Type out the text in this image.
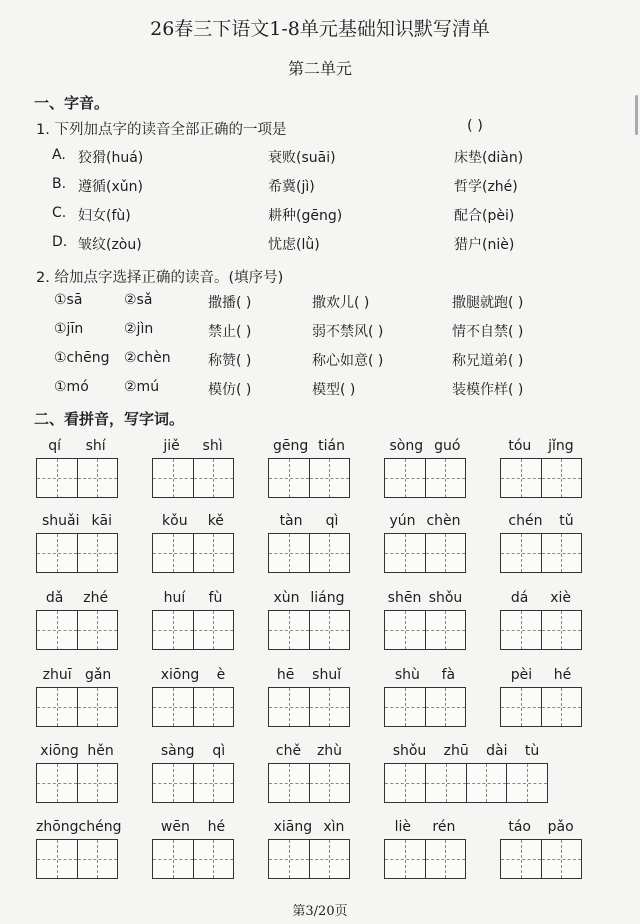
26春三下语文1-8单元基础知识默写清单
第二单元
一、字音。
1. 下列加点字的读音全部正确的一项是	( )
A. 狡猾(huá)	衰败(suāi)	床垫(diàn)
B. 遵循(xǔn)	希冀(jì)	哲学(zhé)
C. 妇女(fù)	耕种(gēng)	配合(pèi)
D. 皱纹(zòu)	忧虑(lǜ)	猎户(niè)
2. 给加点字选择正确的读音。(填序号)
①sā	②sǎ	撒播( )	撒欢儿( )	撒腿就跑( )
①jīn	②jìn	禁止( )	弱不禁风( )	情不自禁( )
①chēng ②chèn	称赞( )	称心如意( )	称兄道弟( )
①mó	②mú	模仿( )	模型( )	装模作样( )
二、看拼音，写字词。
qí shí	jiě shì	gēng tián	sòng guó	tóu jǐng
shuǎi kāi	kǒu kě	tàn qì	yún chèn	chén tǔ
dǎ zhé	huí fù	xùn liáng	shēn shǒu	dá xiè
zhuī gǎn	xiōng è	hē shuǐ	shù fà	pèi hé
xiōng hěn	sàng qì	chě zhù	shǒu zhū dài tù
zhōngchéng	wēn hé	xiāng xìn	liè rén	táo pǎo
第3/20页
